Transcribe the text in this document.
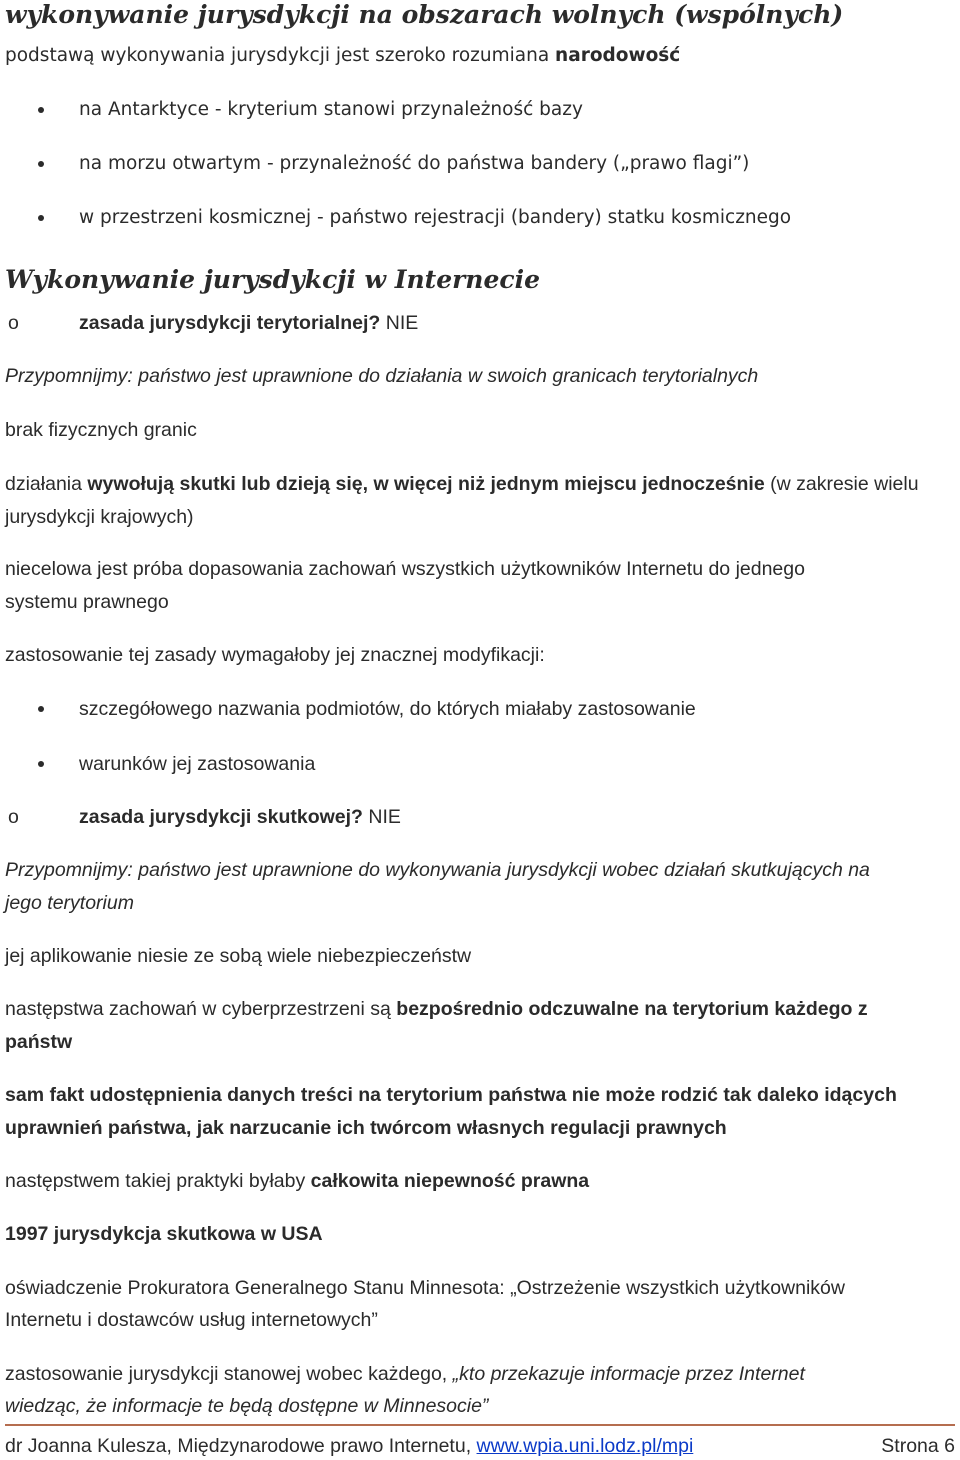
wykonywanie jurysdykcji na obszarach wolnych (wspólnych)
podstawą wykonywania jurysdykcji jest szeroko rozumiana narodowość
na Antarktyce - kryterium stanowi przynależność bazy
na morzu otwartym - przynależność do państwa bandery („prawo flagi”)
w przestrzeni kosmicznej - państwo rejestracji (bandery) statku kosmicznego
Wykonywanie jurysdykcji w Internecie
o	zasada jurysdykcji terytorialnej? NIE
Przypomnijmy: państwo jest uprawnione do działania w swoich granicach terytorialnych
brak fizycznych granic
działania wywołują skutki lub dzieją się, w więcej niż jednym miejscu jednocześnie (w zakresie wielu
jurysdykcji krajowych)
niecelowa jest próba dopasowania zachowań wszystkich użytkowników Internetu do jednego
systemu prawnego
zastosowanie tej zasady wymagałoby jej znacznej modyfikacji:
szczegółowego nazwania podmiotów, do których miałaby zastosowanie
warunków jej zastosowania
o	zasada jurysdykcji skutkowej? NIE
Przypomnijmy: państwo jest uprawnione do wykonywania jurysdykcji wobec działań skutkujących na
jego terytorium
jej aplikowanie niesie ze sobą wiele niebezpieczeństw
następstwa zachowań w cyberprzestrzeni są bezpośrednio odczuwalne na terytorium każdego z
państw
sam fakt udostępnienia danych treści na terytorium państwa nie może rodzić tak daleko idących
uprawnień państwa, jak narzucanie ich twórcom własnych regulacji prawnych
następstwem takiej praktyki byłaby całkowita niepewność prawna
1997 jurysdykcja skutkowa w USA
oświadczenie Prokuratora Generalnego Stanu Minnesota: „Ostrzeżenie wszystkich użytkowników
Internetu i dostawców usług internetowych”
zastosowanie jurysdykcji stanowej wobec każdego, „kto przekazuje informacje przez Internet
wiedząc, że informacje te będą dostępne w Minnesocie”
dr Joanna Kulesza, Międzynarodowe prawo Internetu, www.wpia.uni.lodz.pl/mpi	Strona 6
